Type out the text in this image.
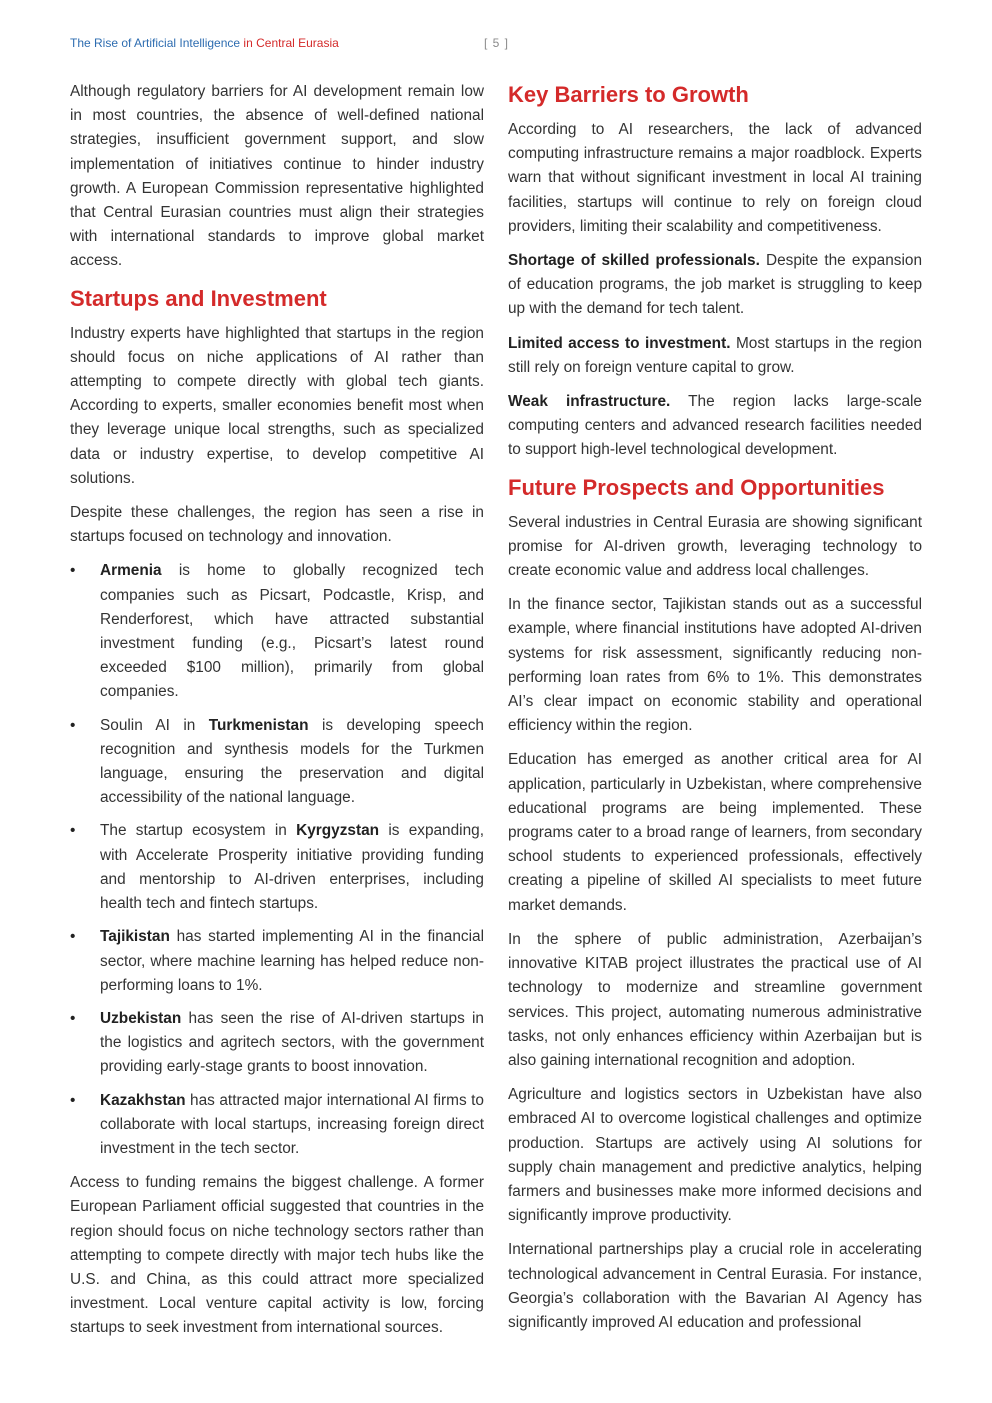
The Rise of Artificial Intelligence in Central Eurasia	[ 5 ]

Although regulatory barriers for AI development remain low in most countries, the absence of well-defined national strategies, insufficient government support, and slow implementation of initiatives continue to hinder industry growth. A European Commission representative highlighted that Central Eurasian countries must align their strategies with international standards to improve global market access.

Startups and Investment

Industry experts have highlighted that startups in the region should focus on niche applications of AI rather than attempting to compete directly with global tech giants. According to experts, smaller economies benefit most when they leverage unique local strengths, such as specialized data or industry expertise, to develop competitive AI solutions.

Despite these challenges, the region has seen a rise in startups focused on technology and innovation.

• Armenia is home to globally recognized tech companies such as Picsart, Podcastle, Krisp, and Renderforest, which have attracted substantial investment funding (e.g., Picsart’s latest round exceeded $100 million), primarily from global companies.
• Soulin AI in Turkmenistan is developing speech recognition and synthesis models for the Turkmen language, ensuring the preservation and digital accessibility of the national language.
• The startup ecosystem in Kyrgyzstan is expanding, with Accelerate Prosperity initiative providing funding and mentorship to AI-driven enterprises, including health tech and fintech startups.
• Tajikistan has started implementing AI in the financial sector, where machine learning has helped reduce non-performing loans to 1%.
• Uzbekistan has seen the rise of AI-driven startups in the logistics and agritech sectors, with the government providing early-stage grants to boost innovation.
• Kazakhstan has attracted major international AI firms to collaborate with local startups, increasing foreign direct investment in the tech sector.

Access to funding remains the biggest challenge. A former European Parliament official suggested that countries in the region should focus on niche technology sectors rather than attempting to compete directly with major tech hubs like the U.S. and China, as this could attract more specialized investment. Local venture capital activity is low, forcing startups to seek investment from international sources.

Key Barriers to Growth

According to AI researchers, the lack of advanced computing infrastructure remains a major roadblock. Experts warn that without significant investment in local AI training facilities, startups will continue to rely on foreign cloud providers, limiting their scalability and competitiveness.

Shortage of skilled professionals. Despite the expansion of education programs, the job market is struggling to keep up with the demand for tech talent.

Limited access to investment. Most startups in the region still rely on foreign venture capital to grow.

Weak infrastructure. The region lacks large-scale computing centers and advanced research facilities needed to support high-level technological development.

Future Prospects and Opportunities

Several industries in Central Eurasia are showing significant promise for AI-driven growth, leveraging technology to create economic value and address local challenges.

In the finance sector, Tajikistan stands out as a successful example, where financial institutions have adopted AI-driven systems for risk assessment, significantly reducing non-performing loan rates from 6% to 1%. This demonstrates AI’s clear impact on economic stability and operational efficiency within the region.

Education has emerged as another critical area for AI application, particularly in Uzbekistan, where comprehensive educational programs are being implemented. These programs cater to a broad range of learners, from secondary school students to experienced professionals, effectively creating a pipeline of skilled AI specialists to meet future market demands.

In the sphere of public administration, Azerbaijan’s innovative KITAB project illustrates the practical use of AI technology to modernize and streamline government services. This project, automating numerous administrative tasks, not only enhances efficiency within Azerbaijan but is also gaining international recognition and adoption.

Agriculture and logistics sectors in Uzbekistan have also embraced AI to overcome logistical challenges and optimize production. Startups are actively using AI solutions for supply chain management and predictive analytics, helping farmers and businesses make more informed decisions and significantly improve productivity.

International partnerships play a crucial role in accelerating technological advancement in Central Eurasia. For instance, Georgia’s collaboration with the Bavarian AI Agency has significantly improved AI education and professional
